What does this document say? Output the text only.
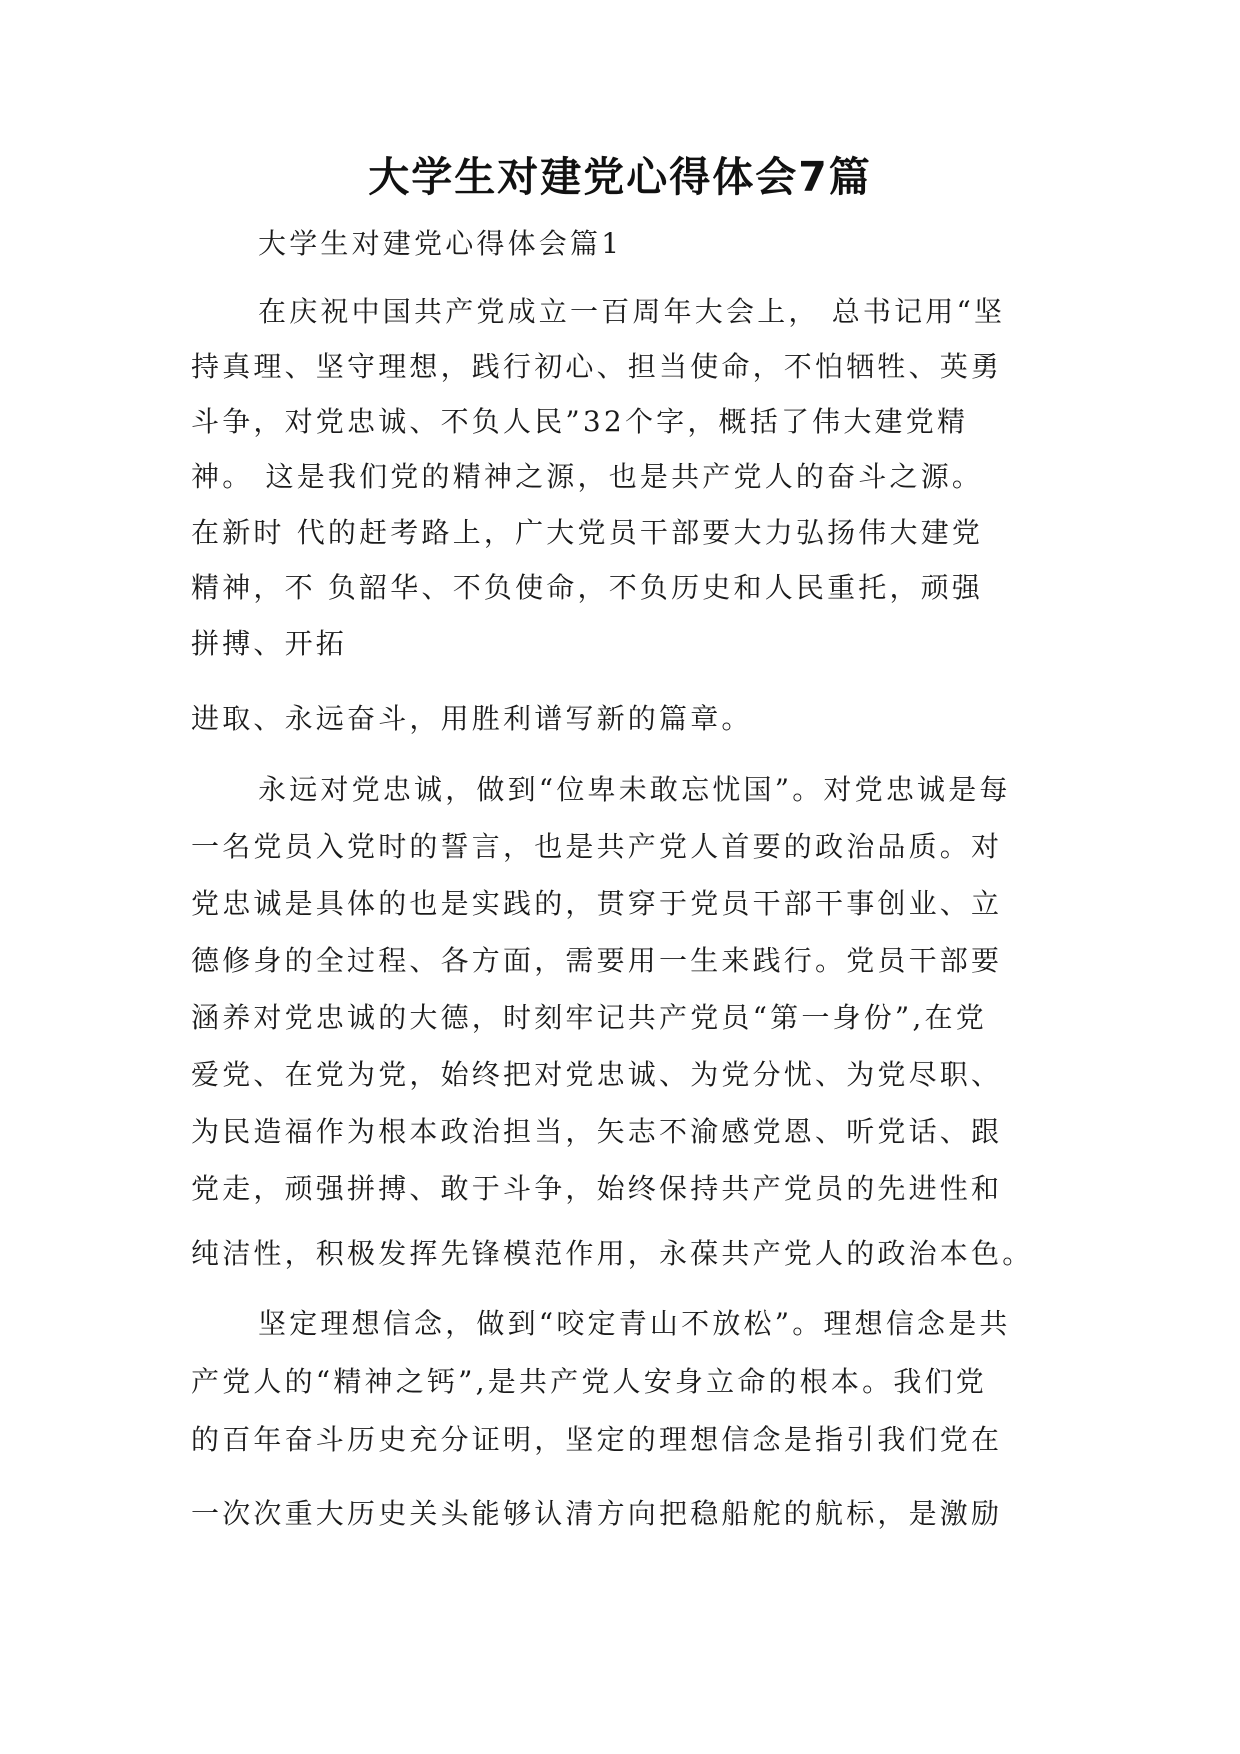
大学生对建党心得体会7篇
大学生对建党心得体会篇1
在庆祝中国共产党成立一百周年大会上， 总书记用“坚
持真理、坚守理想，践行初心、担当使命，不怕牺牲、英勇
斗争，对党忠诚、不负人民”32个字，概括了伟大建党精
神。 这是我们党的精神之源，也是共产党人的奋斗之源。
在新时 代的赶考路上，广大党员干部要大力弘扬伟大建党
精神，不 负韶华、不负使命，不负历史和人民重托，顽强
拼搏、开拓
进取、永远奋斗，用胜利谱写新的篇章。
永远对党忠诚，做到“位卑未敢忘忧国”。对党忠诚是每
一名党员入党时的誓言，也是共产党人首要的政治品质。对
党忠诚是具体的也是实践的，贯穿于党员干部干事创业、立
德修身的全过程、各方面，需要用一生来践行。党员干部要
涵养对党忠诚的大德，时刻牢记共产党员“第一身份”,在党
爱党、在党为党，始终把对党忠诚、为党分忧、为党尽职、
为民造福作为根本政治担当，矢志不渝感党恩、听党话、跟
党走，顽强拼搏、敢于斗争，始终保持共产党员的先进性和
纯洁性，积极发挥先锋模范作用，永葆共产党人的政治本色。
坚定理想信念，做到“咬定青山不放松”。理想信念是共
产党人的“精神之钙”,是共产党人安身立命的根本。我们党
的百年奋斗历史充分证明，坚定的理想信念是指引我们党在
一次次重大历史关头能够认清方向把稳船舵的航标，是激励
